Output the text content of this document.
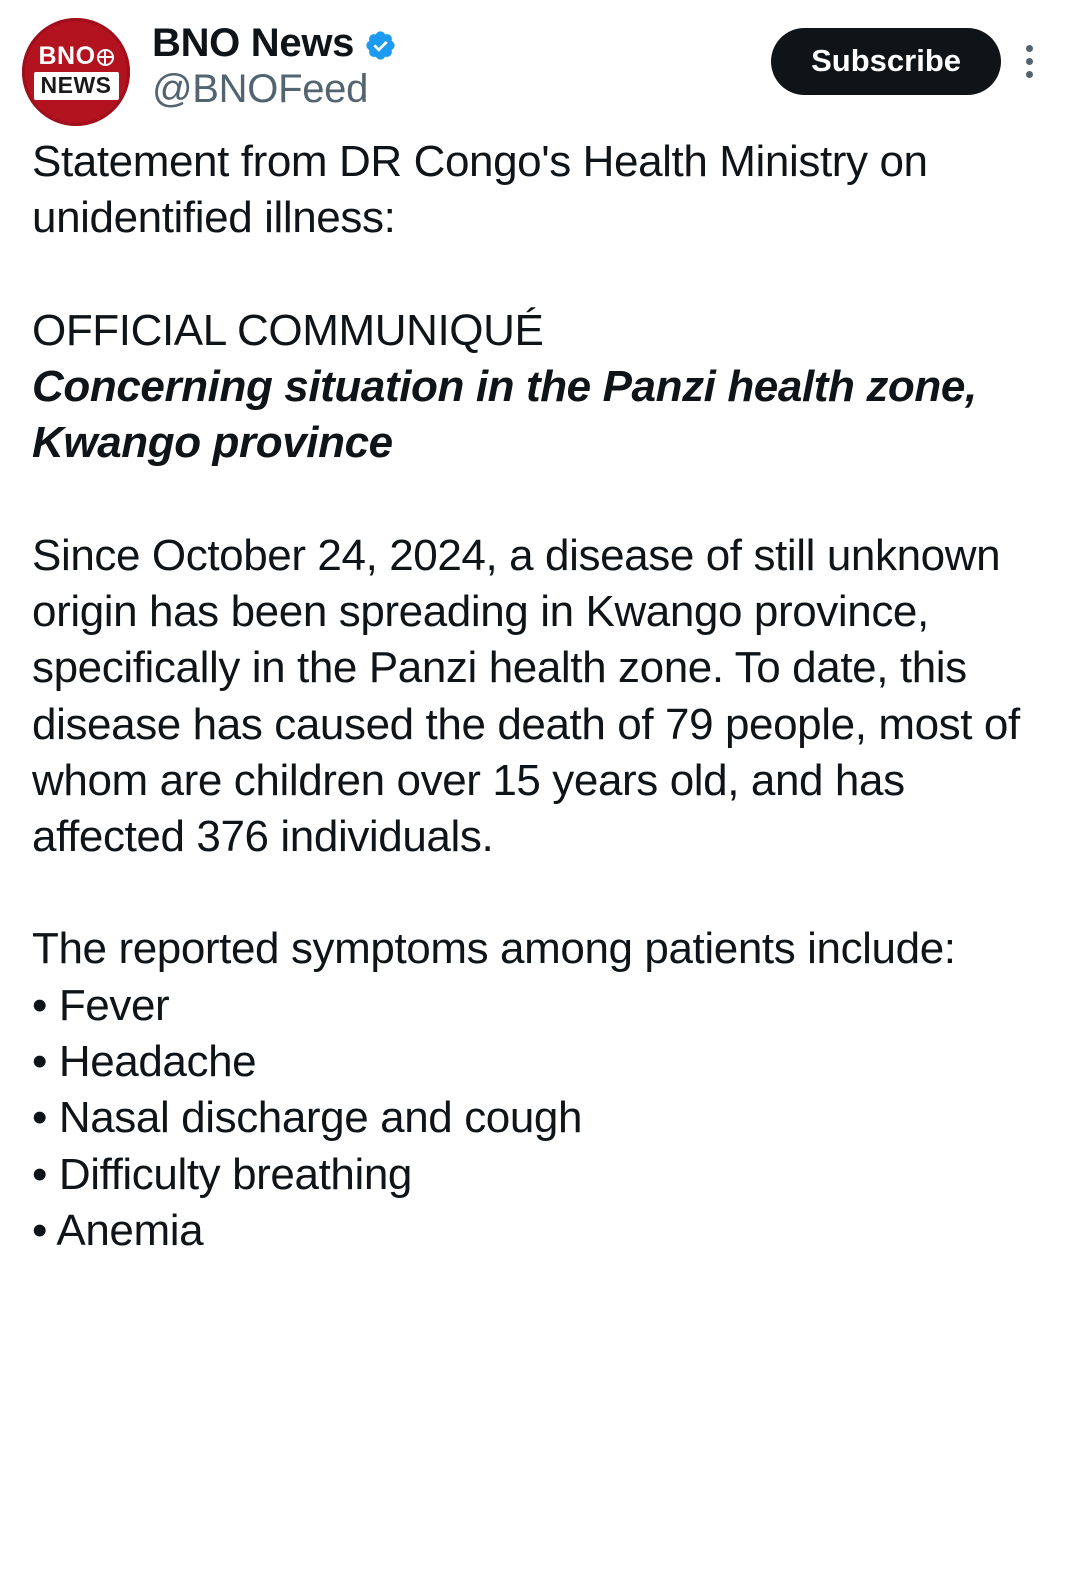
BNO
NEWS
BNO News
@BNOFeed
Subscribe

Statement from DR Congo's Health Ministry on unidentified illness:

OFFICIAL COMMUNIQUÉ

Concerning situation in the Panzi health zone, Kwango province

Since October 24, 2024, a disease of still unknown origin has been spreading in Kwango province, specifically in the Panzi health zone. To date, this disease has caused the death of 79 people, most of whom are children over 15 years old, and has affected 376 individuals.

The reported symptoms among patients include:

• Fever

• Headache

• Nasal discharge and cough

• Difficulty breathing

• Anemia
